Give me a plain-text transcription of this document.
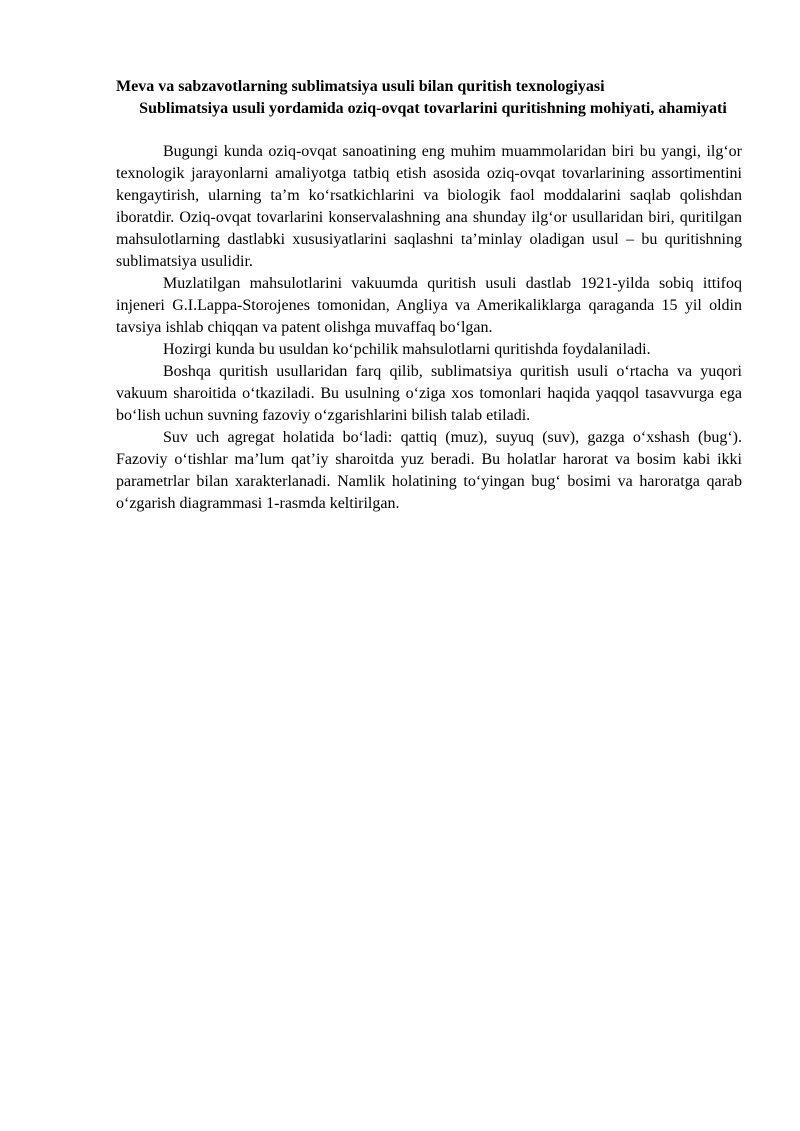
Meva va sabzavotlarning sublimatsiya usuli bilan quritish texnologiyasi
Sublimatsiya usuli yordamida oziq-ovqat tovarlarini quritishning mohiyati, ahamiyati

Bugungi kunda oziq-ovqat sanoatining eng muhim muammolaridan biri bu yangi, ilg‘or texnologik jarayonlarni amaliyotga tatbiq etish asosida oziq-ovqat tovarlarining assortimentini kengaytirish, ularning ta’m ko‘rsatkichlarini va biologik faol moddalarini saqlab qolishdan iboratdir. Oziq-ovqat tovarlarini konservalashning ana shunday ilg‘or usullaridan biri, quritilgan mahsulotlarning dastlabki xususiyatlarini saqlashni ta’minlay oladigan usul – bu quritishning sublimatsiya usulidir.

Muzlatilgan mahsulotlarini vakuumda quritish usuli dastlab 1921-yilda sobiq ittifoq injeneri G.I.Lappa-Storojenes tomonidan, Angliya va Amerikaliklarga qaraganda 15 yil oldin tavsiya ishlab chiqqan va patent olishga muvaffaq bo‘lgan.

Hozirgi kunda bu usuldan ko‘pchilik mahsulotlarni quritishda foydalaniladi.

Boshqa quritish usullaridan farq qilib, sublimatsiya quritish usuli o‘rtacha va yuqori vakuum sharoitida o‘tkaziladi. Bu usulning o‘ziga xos tomonlari haqida yaqqol tasavvurga ega bo‘lish uchun suvning fazoviy o‘zgarishlarini bilish talab etiladi.

Suv uch agregat holatida bo‘ladi: qattiq (muz), suyuq (suv), gazga o‘xshash (bug‘). Fazoviy o‘tishlar ma’lum qat’iy sharoitda yuz beradi. Bu holatlar harorat va bosim kabi ikki parametrlar bilan xarakterlanadi. Namlik holatining to‘yingan bug‘ bosimi va haroratga qarab o‘zgarish diagrammasi 1-rasmda keltirilgan.
